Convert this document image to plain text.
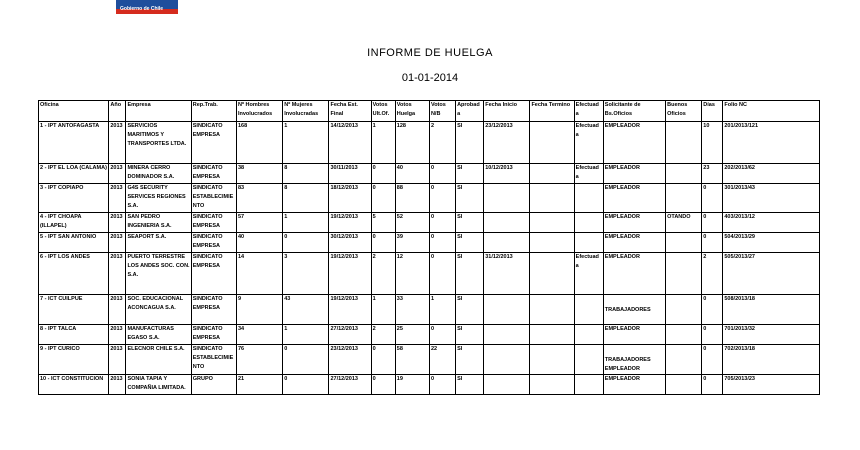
Gobierno de Chile
INFORME DE HUELGA
01-01-2014
Oficina	Año	Empresa	Rep.Trab.	Nº Hombres Involucrados	Nº Mujeres Involucradas	Fecha Est. Final	Votos Ult.Of.	Votos Huelga	Votos N/B	Aprobada	Fecha Inicio	Fecha Termino	Efectuada	Solicitante de Bs.Oficios	Buenos Oficios	Días	Folio NC
1 - IPT ANTOFAGASTA	2013	SERVICIOS MARITIMOS Y TRANSPORTES LTDA.	SINDICATO EMPRESA	168	1	14/12/2013	1	128	2	SI	23/12/2013		Efectuada	EMPLEADOR		10	201/2013/121
2 - IPT EL LOA (CALAMA)	2013	MINERA CERRO DOMINADOR S.A.	SINDICATO EMPRESA	38	8	30/11/2013	0	40	0	SI	10/12/2013		Efectuada	EMPLEADOR		23	202/2013/62
3 - IPT COPIAPO	2013	G4S SECURITY SERVICES REGIONES S.A.	SINDICATO ESTABLECIMIENTO	83	8	18/12/2013	0	88	0	SI				EMPLEADOR		0	301/2013/43
4 - IPT CHOAPA (ILLAPEL)	2013	SAN PEDRO INGENIERIA S.A.	SINDICATO EMPRESA	57	1	19/12/2013	5	52	0	SI				EMPLEADOR	OTANDO	0	403/2013/12
5 - IPT SAN ANTONIO	2013	SEAPORT S.A.	SINDICATO EMPRESA	40	0	30/12/2013	0	39	0	SI				EMPLEADOR		0	504/2013/29
6 - IPT LOS ANDES	2013	PUERTO TERRESTRE LOS ANDES SOC. CON. S.A.	SINDICATO EMPRESA	14	3	19/12/2013	2	12	0	SI	31/12/2013		Efectuada	EMPLEADOR		2	505/2013/27
7 - ICT CUILPUE	2013	SOC. EDUCACIONAL ACONCAGUA S.A.	SINDICATO EMPRESA	9	43	19/12/2013	1	33	1	SI				TRABAJADORES		0	508/2013/18
8 - IPT TALCA	2013	MANUFACTURAS EGASO S.A.	SINDICATO EMPRESA	34	1	27/12/2013	2	25	0	SI				EMPLEADOR		0	701/2013/32
9 - IPT CURICO	2013	ELECNOR CHILE S.A.	SINDICATO ESTABLECIMIENTO	76	0	23/12/2013	0	58	22	SI				TRABAJADORES EMPLEADOR		0	702/2013/18
10 - ICT CONSTITUCION	2013	SONIA TAPIA Y COMPAÑIA LIMITADA.	GRUPO	21	0	27/12/2013	0	19	0	SI				EMPLEADOR		0	705/2013/23
